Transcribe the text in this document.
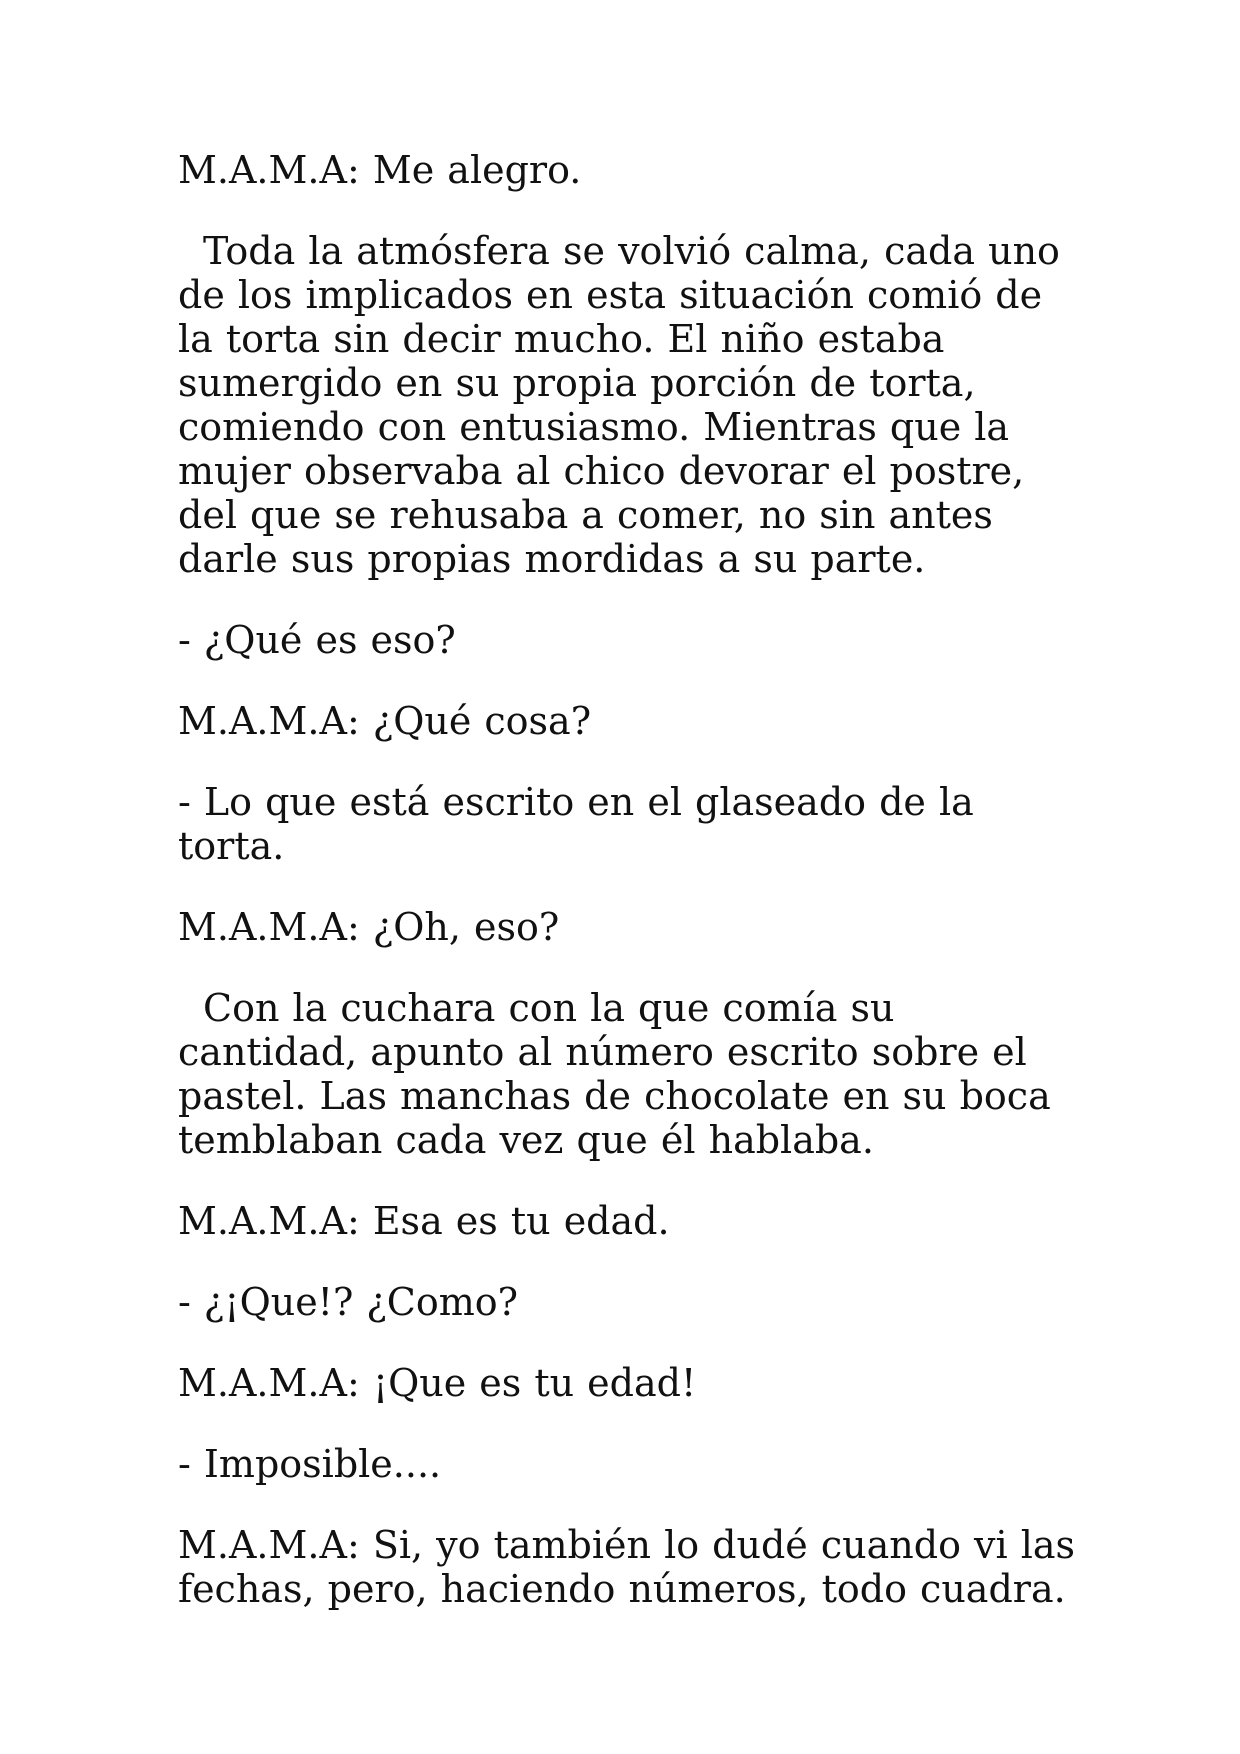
M.A.M.A: Me alegro.

Toda la atmósfera se volvió calma, cada uno de los implicados en esta situación comió de la torta sin decir mucho. El niño estaba sumergido en su propia porción de torta, comiendo con entusiasmo. Mientras que la mujer observaba al chico devorar el postre, del que se rehusaba a comer, no sin antes darle sus propias mordidas a su parte.

- ¿Qué es eso?

M.A.M.A: ¿Qué cosa?

- Lo que está escrito en el glaseado de la torta.

M.A.M.A: ¿Oh, eso?

Con la cuchara con la que comía su cantidad, apunto al número escrito sobre el pastel. Las manchas de chocolate en su boca temblaban cada vez que él hablaba.

M.A.M.A: Esa es tu edad.

- ¿¡Que!? ¿Como?

M.A.M.A: ¡Que es tu edad!

- Imposible....

M.A.M.A: Si, yo también lo dudé cuando vi las fechas, pero, haciendo números, todo cuadra.
